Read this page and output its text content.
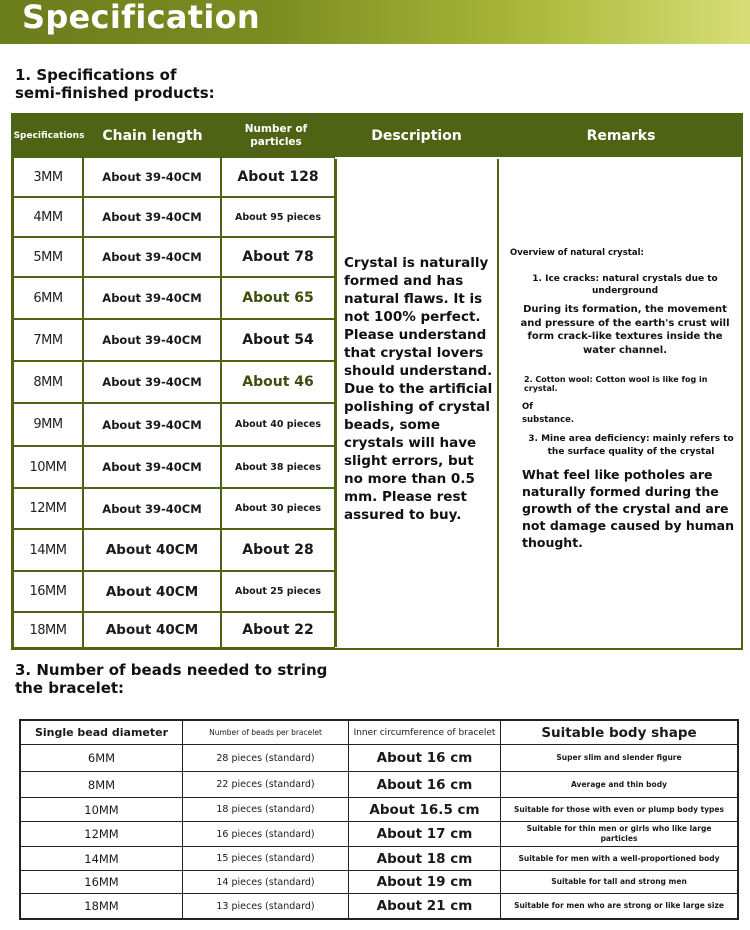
Specification
1. Specifications of semi-finished products:
Specifications	Chain length	Number of particles	Description	Remarks
3MM	About 39-40CM	About 128
4MM	About 39-40CM	About 95 pieces
5MM	About 39-40CM	About 78
6MM	About 39-40CM	About 65
7MM	About 39-40CM	About 54
8MM	About 39-40CM	About 46
9MM	About 39-40CM	About 40 pieces
10MM	About 39-40CM	About 38 pieces
12MM	About 39-40CM	About 30 pieces
14MM	About 40CM	About 28
16MM	About 40CM	About 25 pieces
18MM	About 40CM	About 22
Crystal is naturally formed and has natural flaws. It is not 100% perfect. Please understand that crystal lovers should understand. Due to the artificial polishing of crystal beads, some crystals will have slight errors, but no more than 0.5 mm. Please rest assured to buy.
Overview of natural crystal:
1. Ice cracks: natural crystals due to underground
During its formation, the movement and pressure of the earth's crust will form crack-like textures inside the water channel.
2. Cotton wool: Cotton wool is like fog in crystal.
Of
substance.
3. Mine area deficiency: mainly refers to the surface quality of the crystal
What feel like potholes are naturally formed during the growth of the crystal and are not damage caused by human thought.
3. Number of beads needed to string the bracelet:
Single bead diameter	Number of beads per bracelet	Inner circumference of bracelet	Suitable body shape
6MM	28 pieces (standard)	About 16 cm	Super slim and slender figure
8MM	22 pieces (standard)	About 16 cm	Average and thin body
10MM	18 pieces (standard)	About 16.5 cm	Suitable for those with even or plump body types
12MM	16 pieces (standard)	About 17 cm	Suitable for thin men or girls who like large particles
14MM	15 pieces (standard)	About 18 cm	Suitable for men with a well-proportioned body
16MM	14 pieces (standard)	About 19 cm	Suitable for tall and strong men
18MM	13 pieces (standard)	About 21 cm	Suitable for men who are strong or like large size
